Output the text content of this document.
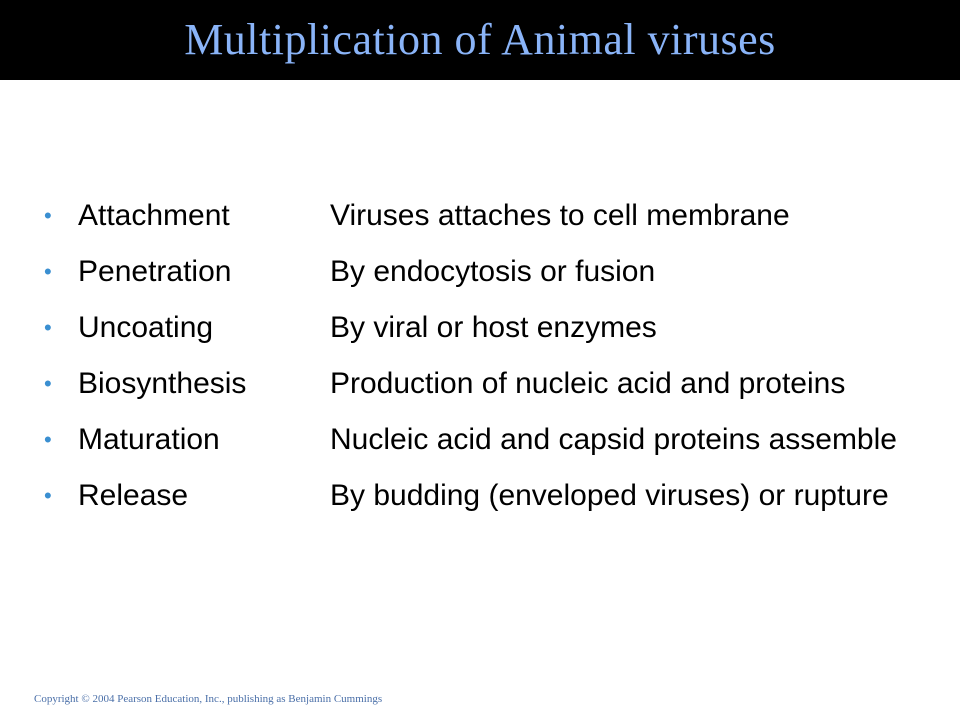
Multiplication of Animal viruses
• Attachment	Viruses attaches to cell membrane
• Penetration	By endocytosis or fusion
• Uncoating	By viral or host enzymes
• Biosynthesis	Production of nucleic acid and proteins
• Maturation	Nucleic acid and capsid proteins assemble
• Release	By budding (enveloped viruses) or rupture
Copyright © 2004 Pearson Education, Inc., publishing as Benjamin Cummings
